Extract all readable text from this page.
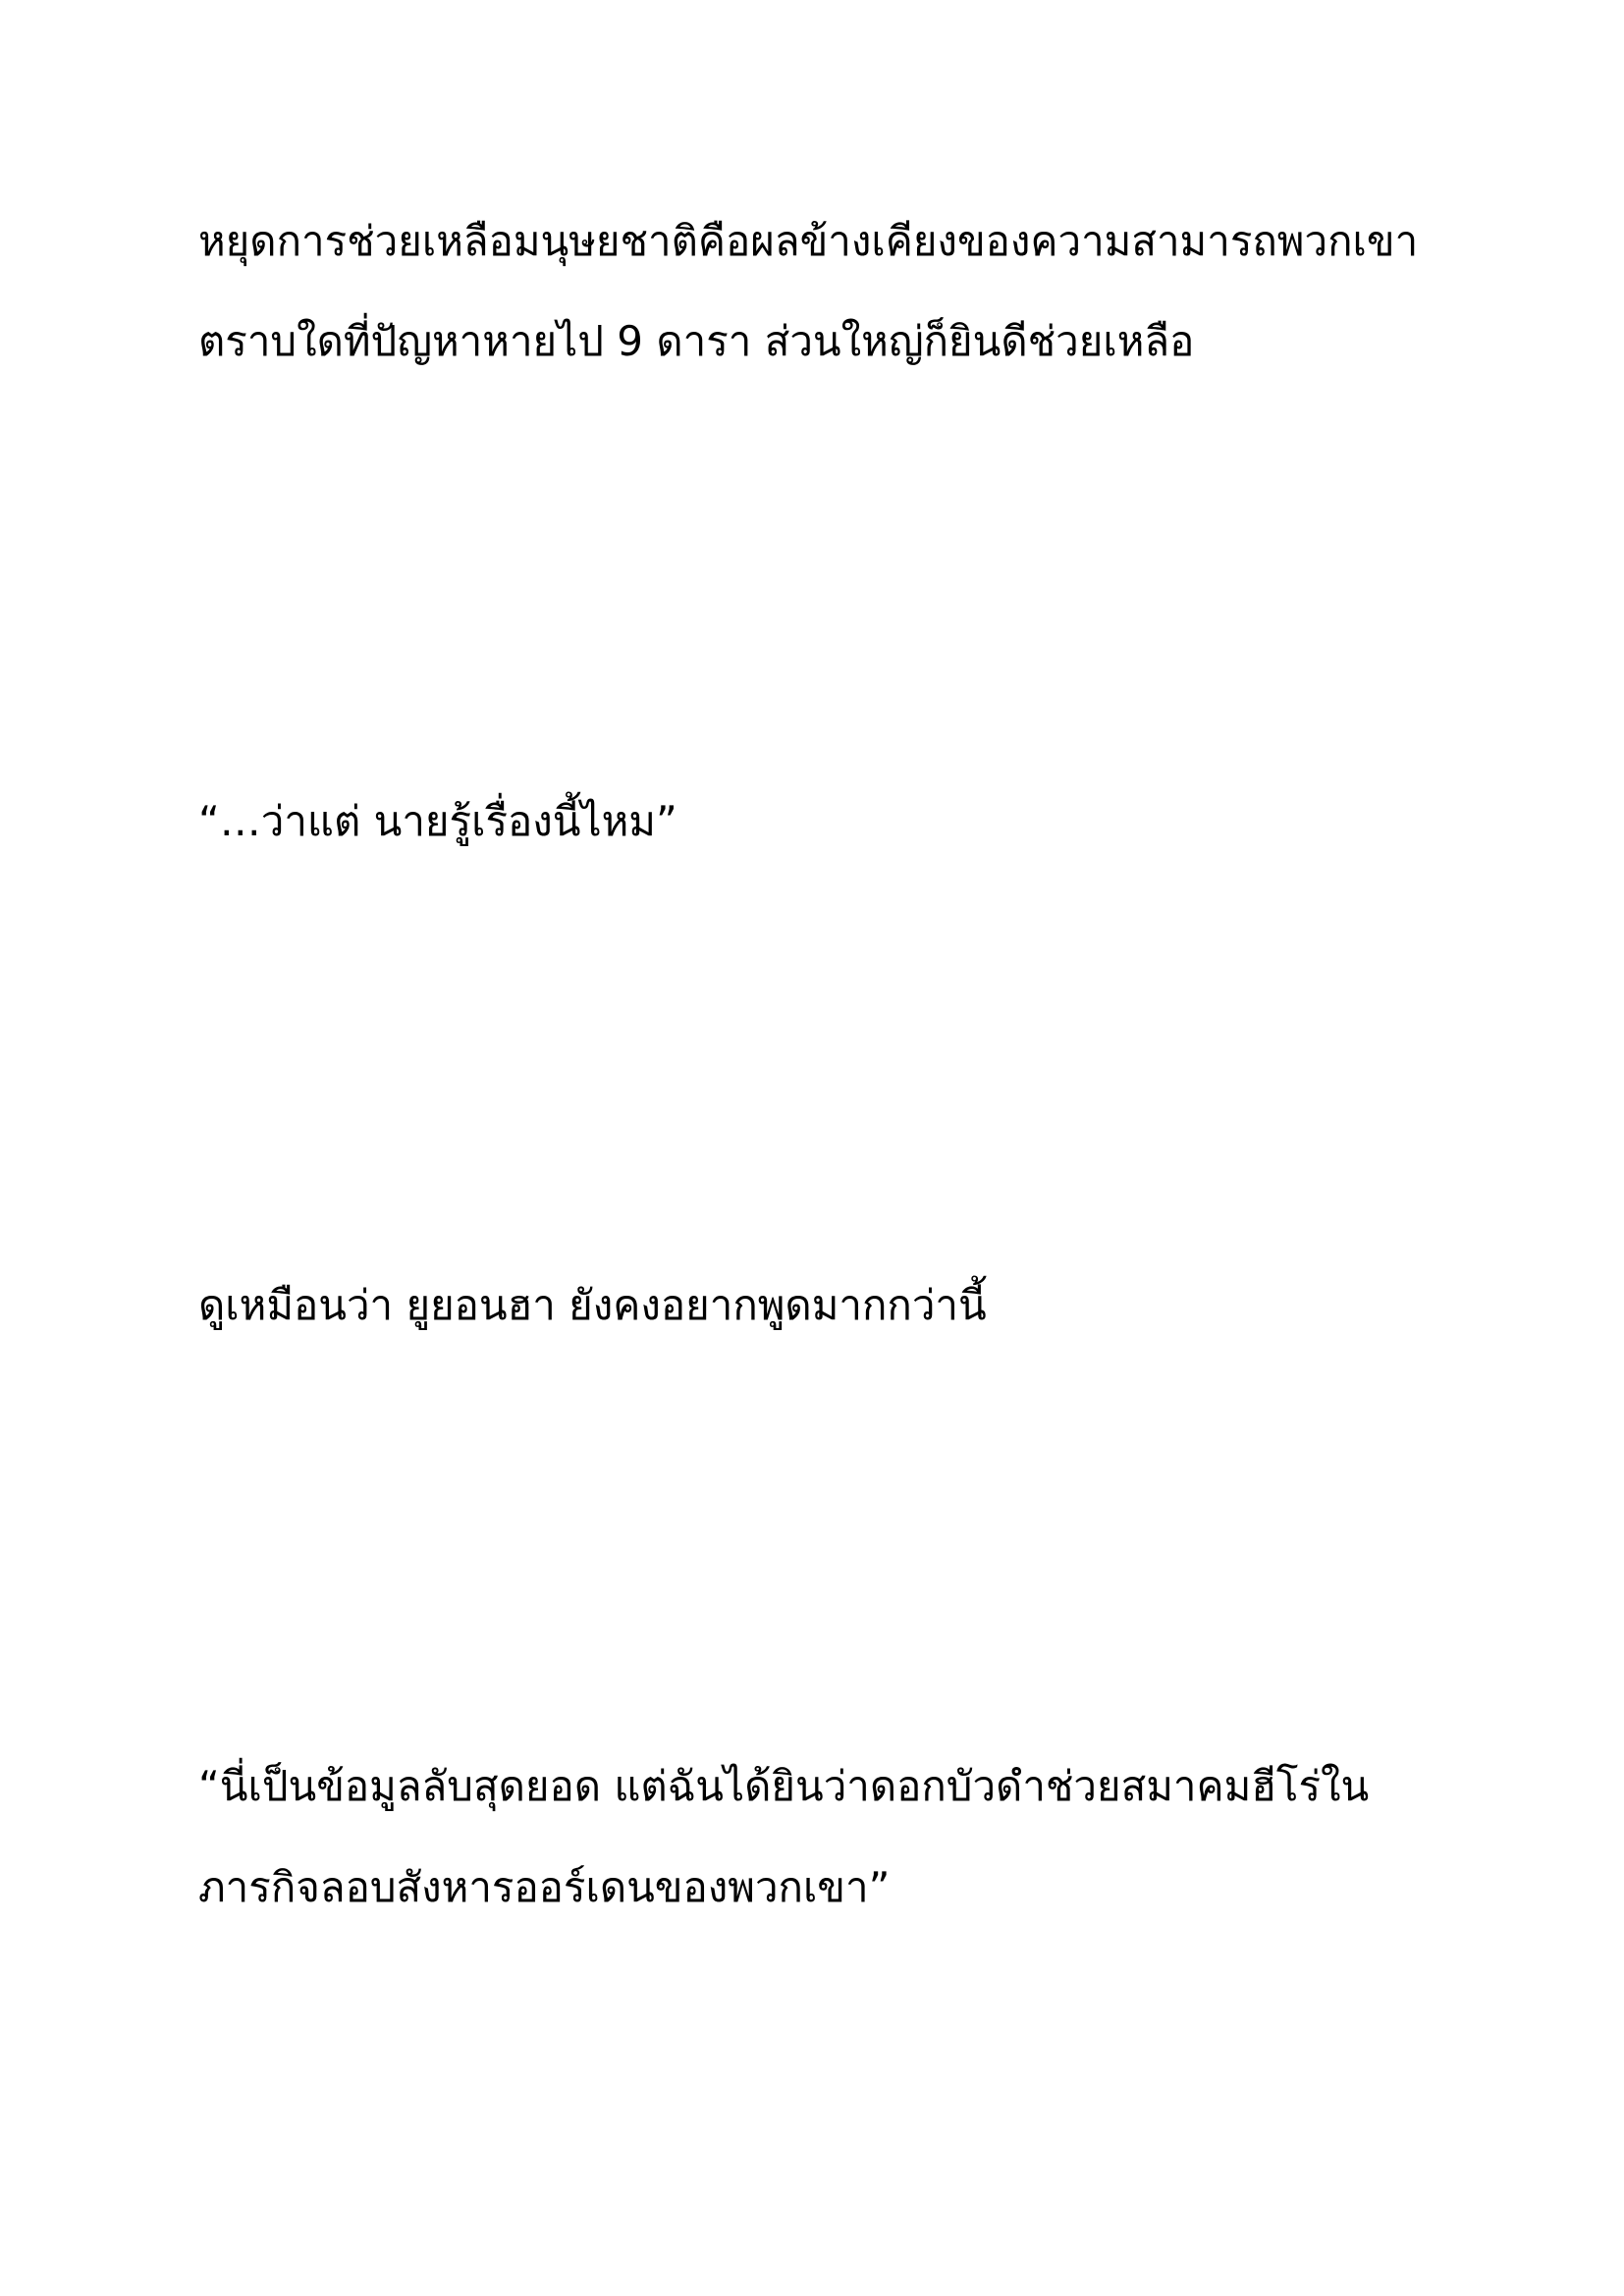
หยุดการช่วยเหลือมนุษยชาติคือผลข้างเคียงของความสามารถพวกเขา
ตราบใดที่ปัญหาหายไป 9 ดารา ส่วนใหญ่ก็ยินดีช่วยเหลือ
“…ว่าแต่ นายรู้เรื่องนี้ไหม”
ดูเหมือนว่า ยูยอนฮา ยังคงอยากพูดมากกว่านี้
“นี่เป็นข้อมูลลับสุดยอด แต่ฉันได้ยินว่าดอกบัวดำช่วยสมาคมฮีโร่ใน
ภารกิจลอบสังหารออร์เดนของพวกเขา”
